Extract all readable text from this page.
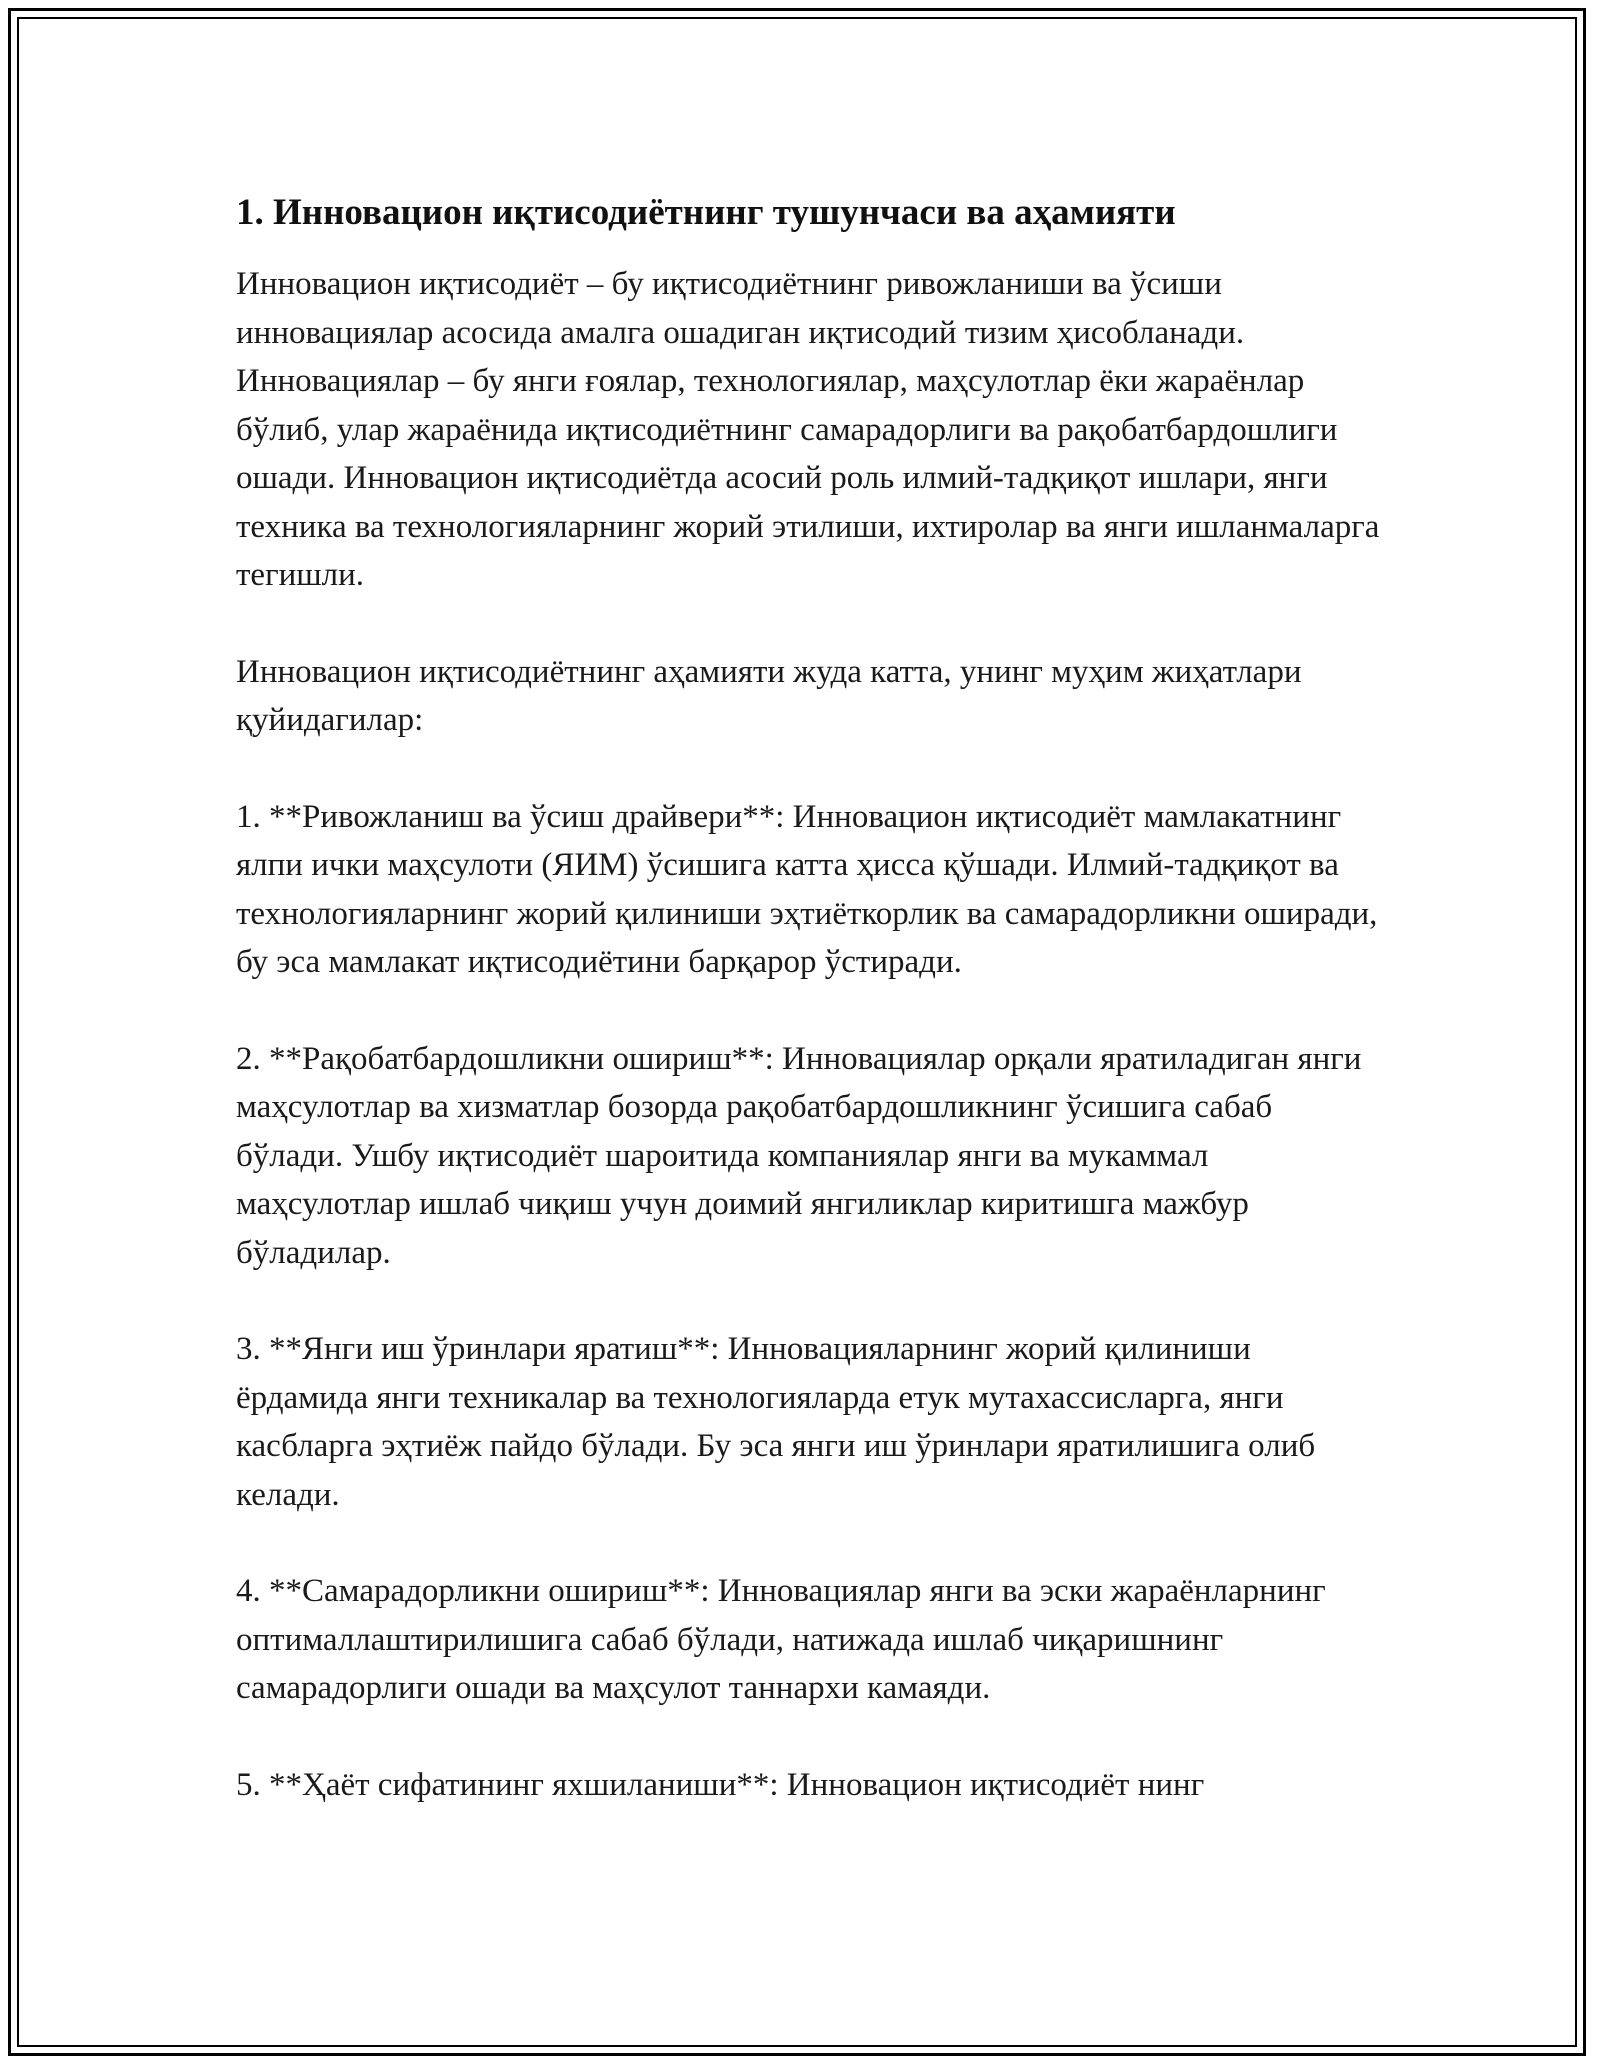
1. Инновацион иқтисодиётнинг тушунчаси ва аҳамияти

Инновацион иқтисодиёт – бу иқтисодиётнинг ривожланиши ва ўсиши инновациялар асосида амалга ошадиган иқтисодий тизим ҳисобланади. Инновациялар – бу янги ғоялар, технологиялар, маҳсулотлар ёки жараёнлар бўлиб, улар жараёнида иқтисодиётнинг самарадорлиги ва рақобатбардошлиги ошади. Инновацион иқтисодиётда асосий роль илмий-тадқиқот ишлари, янги техника ва технологияларнинг жорий этилиши, ихтиролар ва янги ишланмаларга тегишли.

Инновацион иқтисодиётнинг аҳамияти жуда катта, унинг муҳим жиҳатлари қуйидагилар:

1. **Ривожланиш ва ўсиш драйвери**: Инновацион иқтисодиёт мамлакатнинг ялпи ички маҳсулоти (ЯИМ) ўсишига катта ҳисса қўшади. Илмий-тадқиқот ва технологияларнинг жорий қилиниши эҳтиёткорлик ва самарадорликни оширади, бу эса мамлакат иқтисодиётини барқарор ўстиради.

2. **Рақобатбардошликни ошириш**: Инновациялар орқали яратиладиган янги маҳсулотлар ва хизматлар бозорда рақобатбардошликнинг ўсишига сабаб бўлади. Ушбу иқтисодиёт шароитида компаниялар янги ва мукаммал маҳсулотлар ишлаб чиқиш учун доимий янгиликлар киритишга мажбур бўладилар.

3. **Янги иш ўринлари яратиш**: Инновацияларнинг жорий қилиниши ёрдамида янги техникалар ва технологияларда етук мутахассисларга, янги касбларга эҳтиёж пайдо бўлади. Бу эса янги иш ўринлари яратилишига олиб келади.

4. **Самарадорликни ошириш**: Инновациялар янги ва эски жараёнларнинг оптималлаштирилишига сабаб бўлади, натижада ишлаб чиқаришнинг самарадорлиги ошади ва маҳсулот таннархи камаяди.

5. **Ҳаёт сифатининг яхшиланиши**: Инновацион иқтисодиёт нинг
